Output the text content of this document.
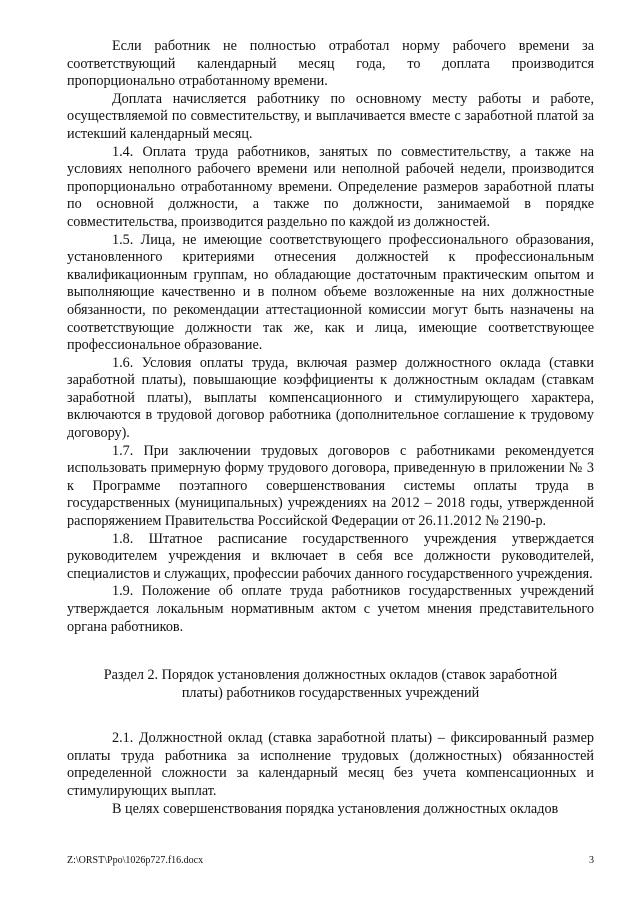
Если работник не полностью отработал норму рабочего времени за соответствующий календарный месяц года, то доплата производится пропорционально отработанному времени.

Доплата начисляется работнику по основному месту работы и работе, осуществляемой по совместительству, и выплачивается вместе с заработной платой за истекший календарный месяц.

1.4. Оплата труда работников, занятых по совместительству, а также на условиях неполного рабочего времени или неполной рабочей недели, производится пропорционально отработанному времени. Определение размеров заработной платы по основной должности, а также по должности, занимаемой в порядке совместительства, производится раздельно по каждой из должностей.

1.5. Лица, не имеющие соответствующего профессионального образования, установленного критериями отнесения должностей к профессиональным квалификационным группам, но обладающие достаточным практическим опытом и выполняющие качественно и в полном объеме возложенные на них должностные обязанности, по рекомендации аттестационной комиссии могут быть назначены на соответствующие должности так же, как и лица, имеющие соответствующее профессиональное образование.

1.6. Условия оплаты труда, включая размер должностного оклада (ставки заработной платы), повышающие коэффициенты к должностным окладам (ставкам заработной платы), выплаты компенсационного и стимулирующего характера, включаются в трудовой договор работника (дополнительное соглашение к трудовому договору).

1.7. При заключении трудовых договоров с работниками рекомендуется использовать примерную форму трудового договора, приведенную в приложении № 3 к Программе поэтапного совершенствования системы оплаты труда в государственных (муниципальных) учреждениях на 2012 – 2018 годы, утвержденной распоряжением Правительства Российской Федерации от 26.11.2012 № 2190-р.

1.8. Штатное расписание государственного учреждения утверждается руководителем учреждения и включает в себя все должности руководителей, специалистов и служащих, профессии рабочих данного государственного учреждения.

1.9. Положение об оплате труда работников государственных учреждений утверждается локальным нормативным актом с учетом мнения представительного органа работников.

Раздел 2. Порядок установления должностных окладов (ставок заработной платы) работников государственных учреждений

2.1. Должностной оклад (ставка заработной платы) – фиксированный размер оплаты труда работника за исполнение трудовых (должностных) обязанностей определенной сложности за календарный месяц без учета компенсационных и стимулирующих выплат.

В целях совершенствования порядка установления должностных окладов

Z:\ORST\Ppo\1026p727.f16.docx	3
